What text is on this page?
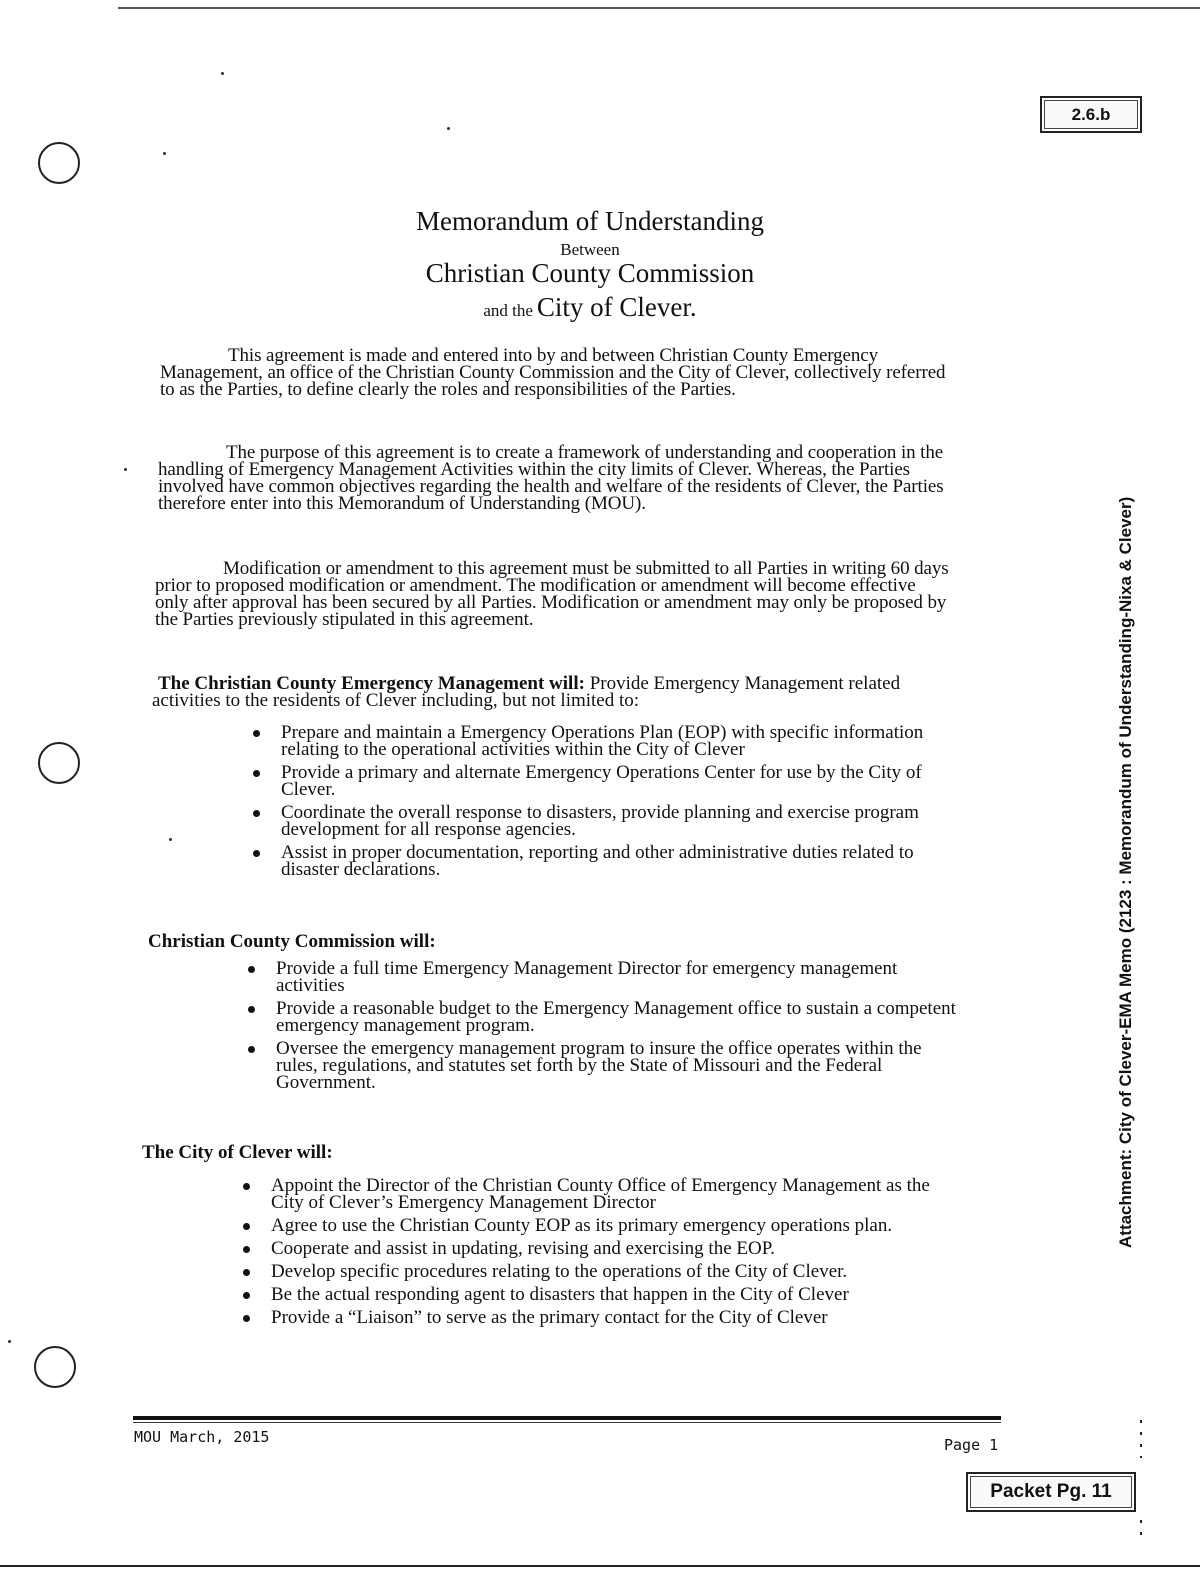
2.6.b
Packet Pg. 11
Memorandum of Understanding
Between
Christian County Commission
and the City of Clever.
This agreement is made and entered into by and between Christian County Emergency
Management, an office of the Christian County Commission and the City of Clever, collectively referred
to as the Parties, to define clearly the roles and responsibilities of the Parties.
The purpose of this agreement is to create a framework of understanding and cooperation in the
handling of Emergency Management Activities within the city limits of Clever. Whereas, the Parties
involved have common objectives regarding the health and welfare of the residents of Clever, the Parties
therefore enter into this Memorandum of Understanding (MOU).
Modification or amendment to this agreement must be submitted to all Parties in writing 60 days
prior to proposed modification or amendment. The modification or amendment will become effective
only after approval has been secured by all Parties. Modification or amendment may only be proposed by
the Parties previously stipulated in this agreement.
The Christian County Emergency Management will: Provide Emergency Management related
activities to the residents of Clever including, but not limited to:
Prepare and maintain a Emergency Operations Plan (EOP) with specific information
relating to the operational activities within the City of Clever
Provide a primary and alternate Emergency Operations Center for use by the City of
Clever.
Coordinate the overall response to disasters, provide planning and exercise program
development for all response agencies.
Assist in proper documentation, reporting and other administrative duties related to
disaster declarations.
Christian County Commission will:
Provide a full time Emergency Management Director for emergency management
activities
Provide a reasonable budget to the Emergency Management office to sustain a competent
emergency management program.
Oversee the emergency management program to insure the office operates within the
rules, regulations, and statutes set forth by the State of Missouri and the Federal
Government.
The City of Clever will:
Appoint the Director of the Christian County Office of Emergency Management as the
City of Clever’s Emergency Management Director
Agree to use the Christian County EOP as its primary emergency operations plan.
Cooperate and assist in updating, revising and exercising the EOP.
Develop specific procedures relating to the operations of the City of Clever.
Be the actual responding agent to disasters that happen in the City of Clever
Provide a “Liaison” to serve as the primary contact for the City of Clever
Attachment: City of Clever-EMA Memo (2123 : Memorandum of Understanding-Nixa & Clever)
MOU March, 2015	Page 1
